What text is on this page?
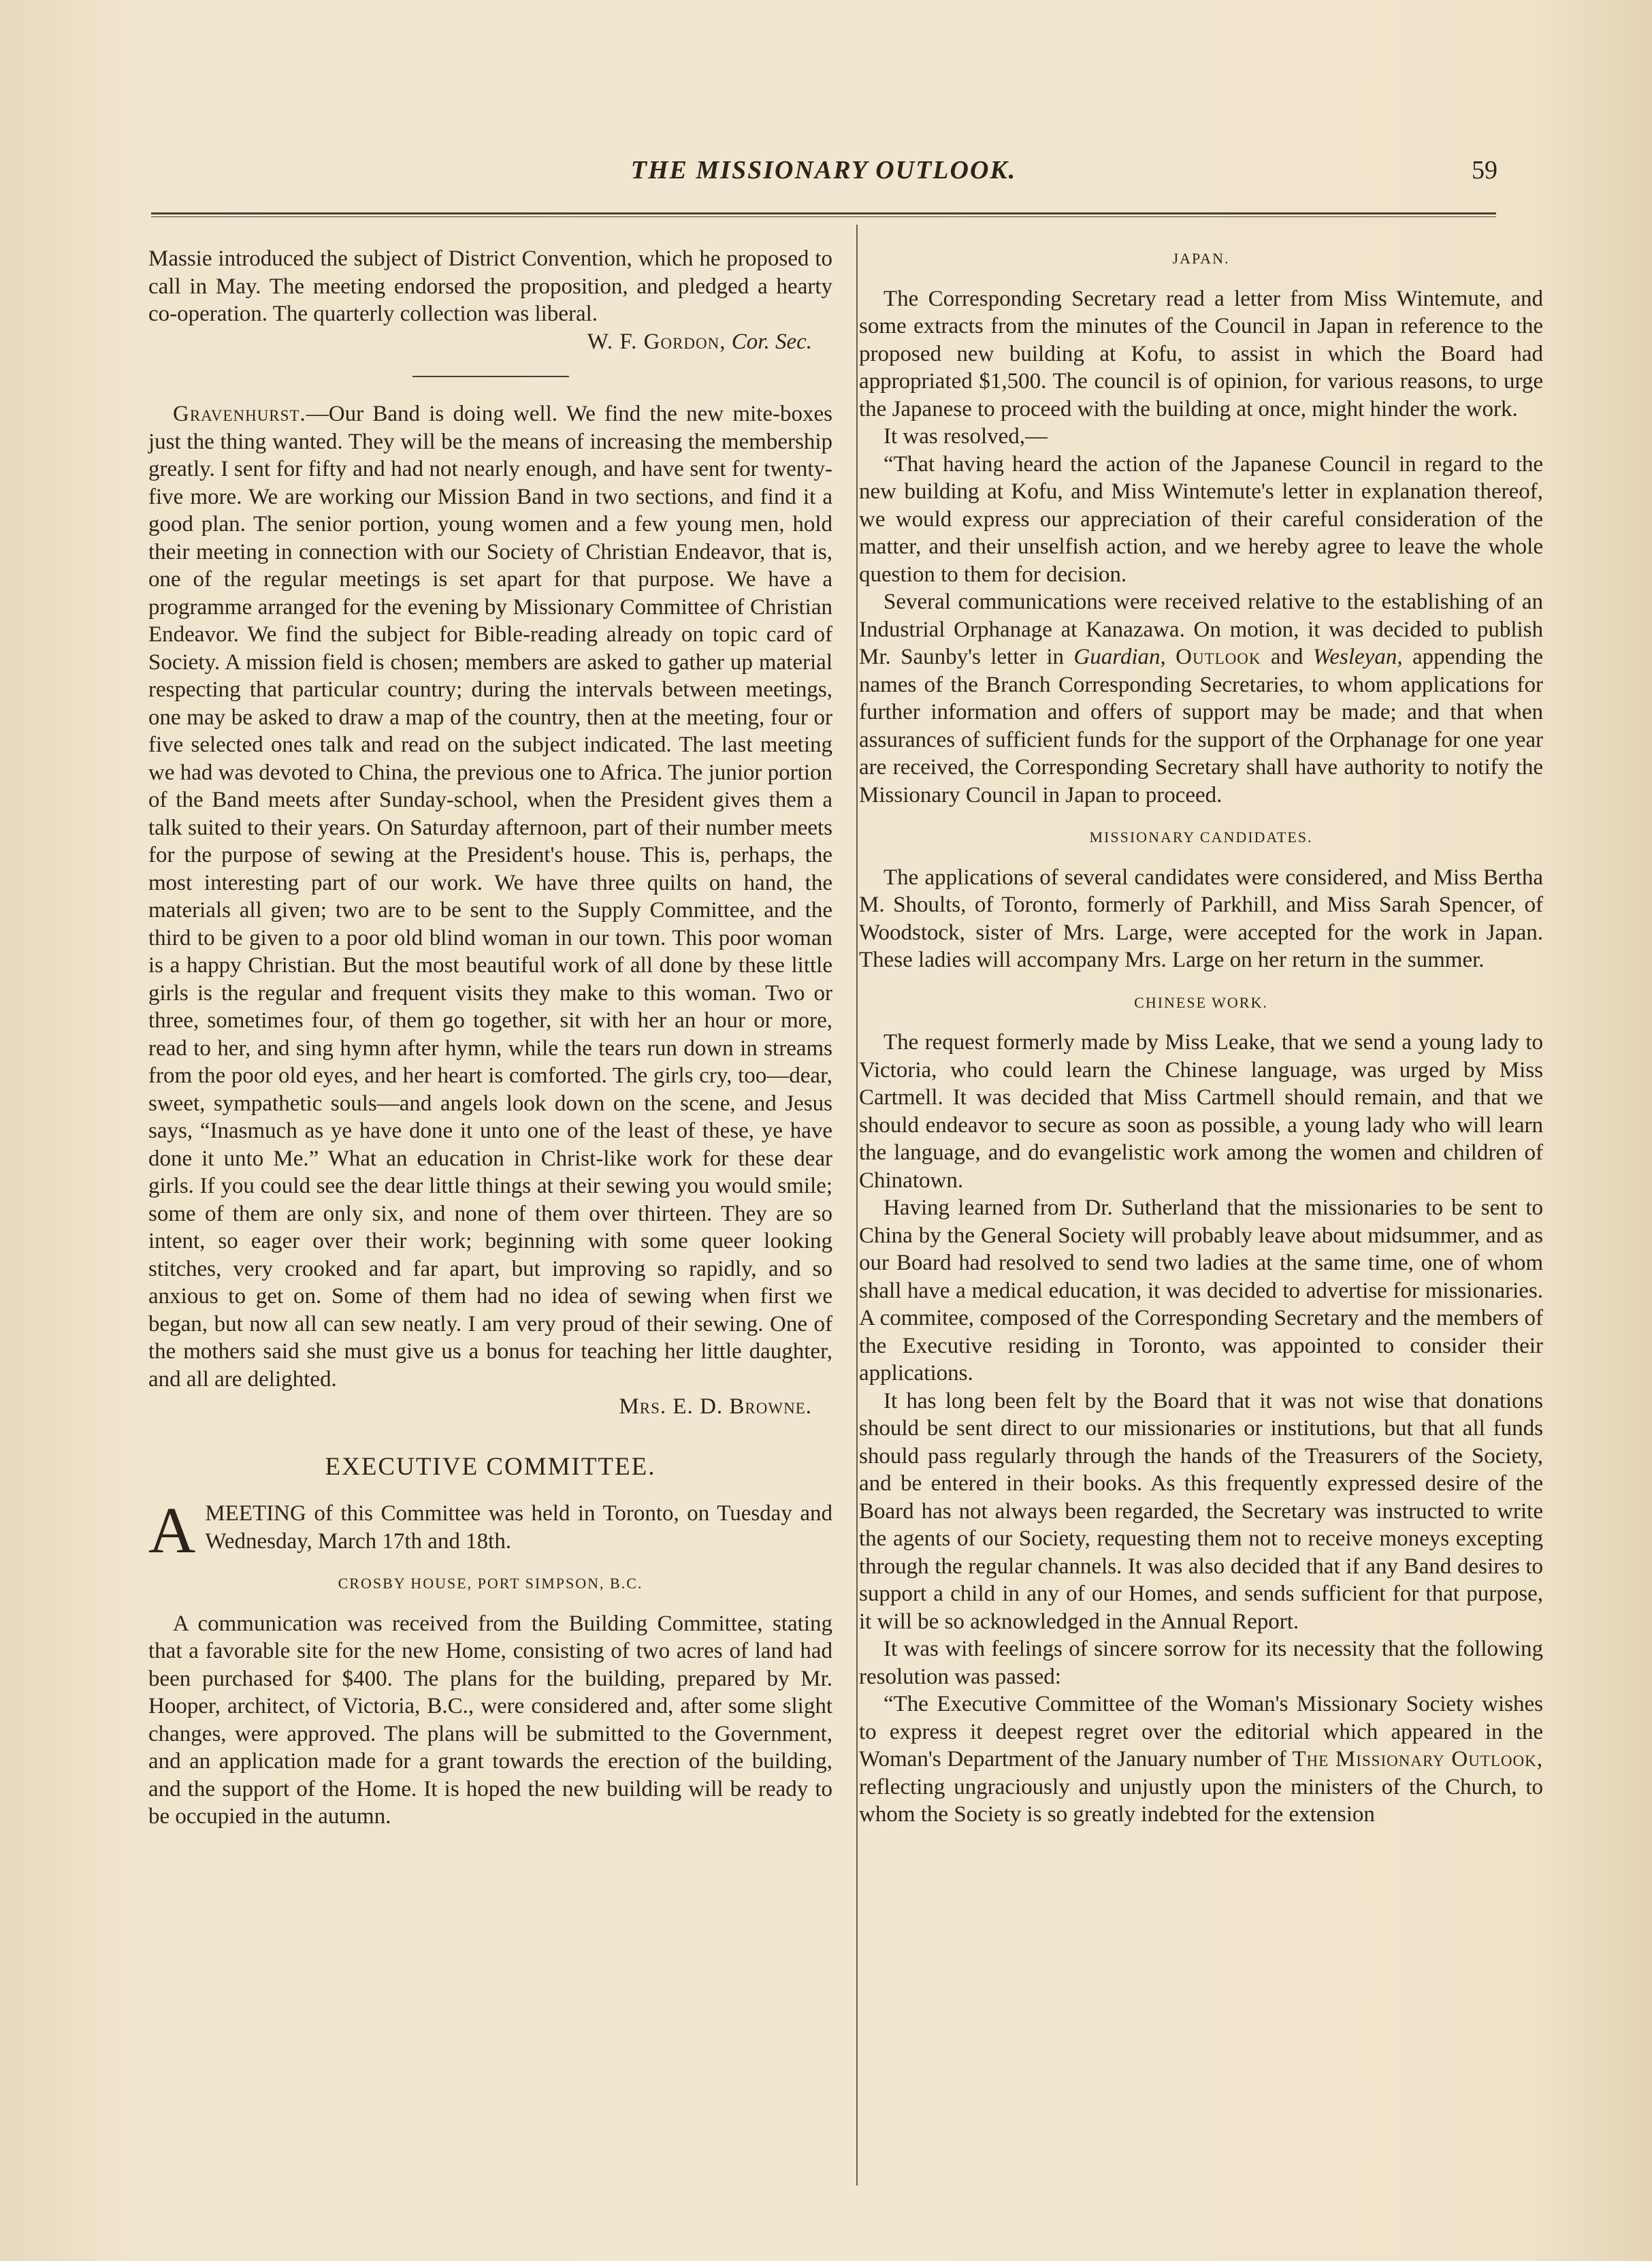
THE MISSIONARY OUTLOOK.	59

Massie introduced the subject of District Convention, which he proposed to call in May. The meeting endorsed the proposition, and pledged a hearty co-operation. The quarterly collection was liberal.

W. F. Gordon, Cor. Sec.

Gravenhurst.—Our Band is doing well. We find the new mite-boxes just the thing wanted. They will be the means of increasing the membership greatly. I sent for fifty and had not nearly enough, and have sent for twenty-five more. We are working our Mission Band in two sections, and find it a good plan. The senior portion, young women and a few young men, hold their meeting in connection with our Society of Christian Endeavor, that is, one of the regular meetings is set apart for that purpose. We have a programme arranged for the evening by Missionary Committee of Christian Endeavor. We find the subject for Bible-reading already on topic card of Society. A mission field is chosen; members are asked to gather up material respecting that particular country; during the intervals between meetings, one may be asked to draw a map of the country, then at the meeting, four or five selected ones talk and read on the subject indicated. The last meeting we had was devoted to China, the previous one to Africa. The junior portion of the Band meets after Sunday-school, when the President gives them a talk suited to their years. On Saturday afternoon, part of their number meets for the purpose of sewing at the President's house. This is, perhaps, the most interesting part of our work. We have three quilts on hand, the materials all given; two are to be sent to the Supply Committee, and the third to be given to a poor old blind woman in our town. This poor woman is a happy Christian. But the most beautiful work of all done by these little girls is the regular and frequent visits they make to this woman. Two or three, sometimes four, of them go together, sit with her an hour or more, read to her, and sing hymn after hymn, while the tears run down in streams from the poor old eyes, and her heart is comforted. The girls cry, too—dear, sweet, sympathetic souls—and angels look down on the scene, and Jesus says, “Inasmuch as ye have done it unto one of the least of these, ye have done it unto Me.” What an education in Christ-like work for these dear girls. If you could see the dear little things at their sewing you would smile; some of them are only six, and none of them over thirteen. They are so intent, so eager over their work; beginning with some queer looking stitches, very crooked and far apart, but improving so rapidly, and so anxious to get on. Some of them had no idea of sewing when first we began, but now all can sew neatly. I am very proud of their sewing. One of the mothers said she must give us a bonus for teaching her little daughter, and all are delighted.

Mrs. E. D. Browne.

EXECUTIVE COMMITTEE.

AMEETING of this Committee was held in Toronto, on Tuesday and Wednesday, March 17th and 18th.

CROSBY HOUSE, PORT SIMPSON, B.C.

A communication was received from the Building Committee, stating that a favorable site for the new Home, consisting of two acres of land had been purchased for $400. The plans for the building, prepared by Mr. Hooper, architect, of Victoria, B.C., were considered and, after some slight changes, were approved. The plans will be submitted to the Government, and an application made for a grant towards the erection of the building, and the support of the Home. It is hoped the new building will be ready to be occupied in the autumn.

JAPAN.

The Corresponding Secretary read a letter from Miss Wintemute, and some extracts from the minutes of the Council in Japan in reference to the proposed new building at Kofu, to assist in which the Board had appropriated $1,500. The council is of opinion, for various reasons, to urge the Japanese to proceed with the building at once, might hinder the work.

It was resolved,—

“That having heard the action of the Japanese Council in regard to the new building at Kofu, and Miss Wintemute's letter in explanation thereof, we would express our appreciation of their careful consideration of the matter, and their unselfish action, and we hereby agree to leave the whole question to them for decision.

Several communications were received relative to the establishing of an Industrial Orphanage at Kanazawa. On motion, it was decided to publish Mr. Saunby's letter in Guardian, Outlook and Wesleyan, appending the names of the Branch Corresponding Secretaries, to whom applications for further information and offers of support may be made; and that when assurances of sufficient funds for the support of the Orphanage for one year are received, the Corresponding Secretary shall have authority to notify the Missionary Council in Japan to proceed.

MISSIONARY CANDIDATES.

The applications of several candidates were considered, and Miss Bertha M. Shoults, of Toronto, formerly of Parkhill, and Miss Sarah Spencer, of Woodstock, sister of Mrs. Large, were accepted for the work in Japan. These ladies will accompany Mrs. Large on her return in the summer.

CHINESE WORK.

The request formerly made by Miss Leake, that we send a young lady to Victoria, who could learn the Chinese language, was urged by Miss Cartmell. It was decided that Miss Cartmell should remain, and that we should endeavor to secure as soon as possible, a young lady who will learn the language, and do evangelistic work among the women and children of Chinatown.

Having learned from Dr. Sutherland that the missionaries to be sent to China by the General Society will probably leave about midsummer, and as our Board had resolved to send two ladies at the same time, one of whom shall have a medical education, it was decided to advertise for missionaries. A commitee, composed of the Corresponding Secretary and the members of the Executive residing in Toronto, was appointed to consider their applications.

It has long been felt by the Board that it was not wise that donations should be sent direct to our missionaries or institutions, but that all funds should pass regularly through the hands of the Treasurers of the Society, and be entered in their books. As this frequently expressed desire of the Board has not always been regarded, the Secretary was instructed to write the agents of our Society, requesting them not to receive moneys excepting through the regular channels. It was also decided that if any Band desires to support a child in any of our Homes, and sends sufficient for that purpose, it will be so acknowledged in the Annual Report.

It was with feelings of sincere sorrow for its necessity that the following resolution was passed:

“The Executive Committee of the Woman's Missionary Society wishes to express it deepest regret over the editorial which appeared in the Woman's Department of the January number of The Missionary Outlook, reflecting ungraciously and unjustly upon the ministers of the Church, to whom the Society is so greatly indebted for the extension
